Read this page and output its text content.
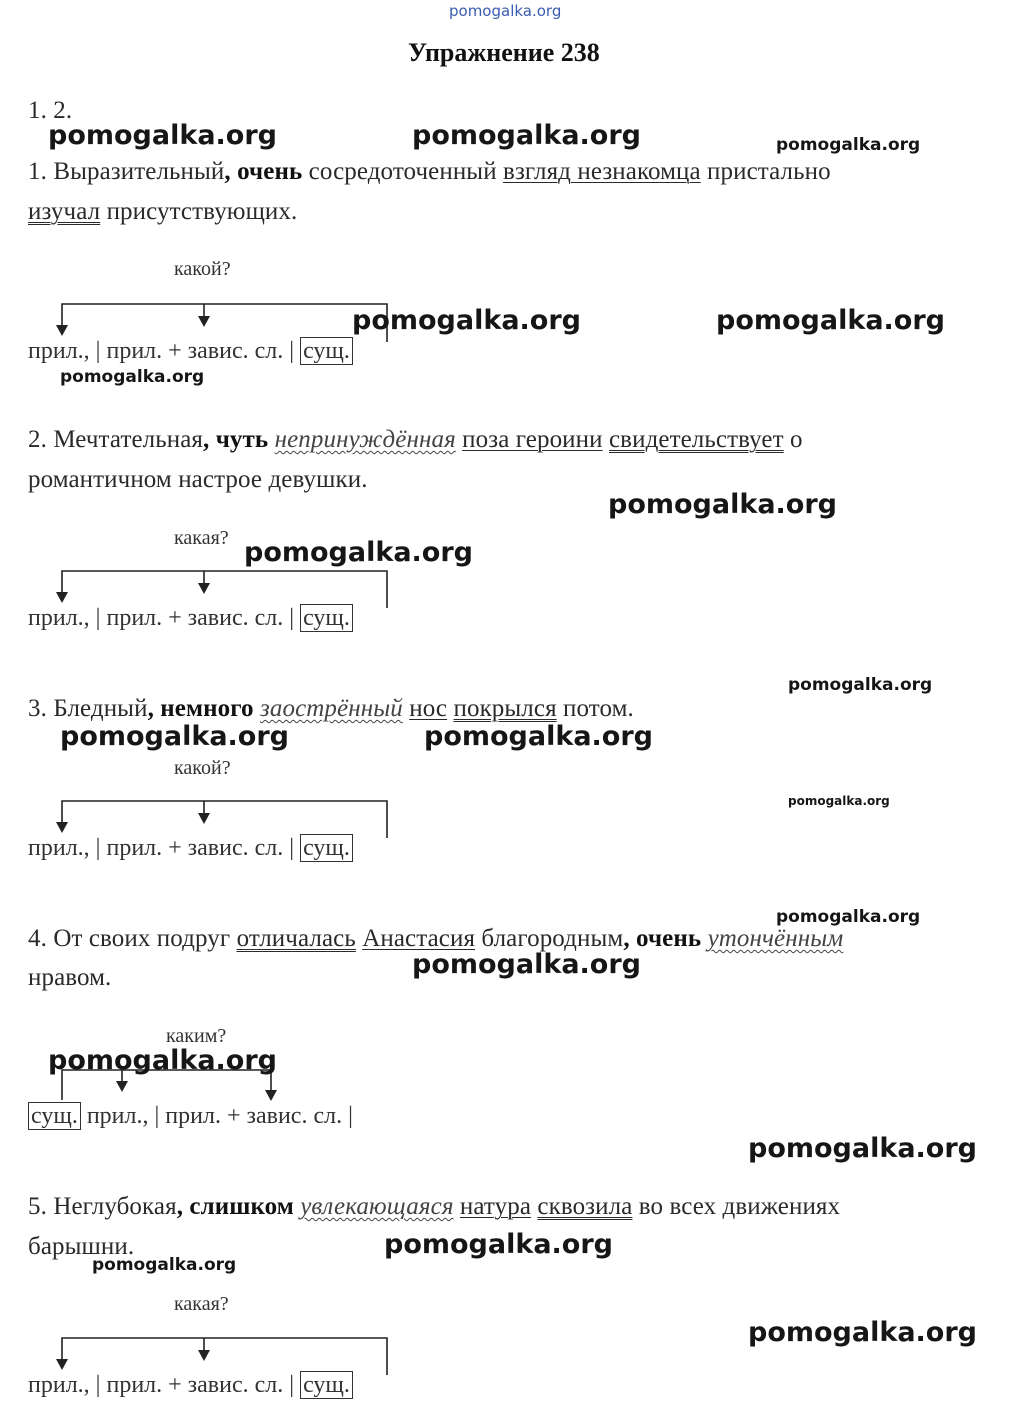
pomogalka.org
Упражнение 238
1. 2.
1. Выразительный, очень сосредоточенный взгляд незнакомца пристально
изучал присутствующих.
какой?
прил., | прил. + завис. сл. | сущ.
2. Мечтательная, чуть непринуждённая поза героини свидетельствует о
романтичном настрое девушки.
какая?
прил., | прил. + завис. сл. | сущ.
3. Бледный, немного заострённый нос покрылся потом.
какой?
прил., | прил. + завис. сл. | сущ.
4. От своих подруг отличалась Анастасия благородным, очень утончённым
нравом.
каким?
сущ. прил., | прил. + завис. сл. |
5. Неглубокая, слишком увлекающаяся натура сквозила во всех движениях
барышни.
какая?
прил., | прил. + завис. сл. | сущ.
pomogalka.org	pomogalka.org	pomogalka.org
pomogalka.org	pomogalka.org
pomogalka.org
pomogalka.org
pomogalka.org
pomogalka.org
pomogalka.org	pomogalka.org
pomogalka.org
pomogalka.org
pomogalka.org
pomogalka.org
pomogalka.org
pomogalka.org
pomogalka.org
pomogalka.org
